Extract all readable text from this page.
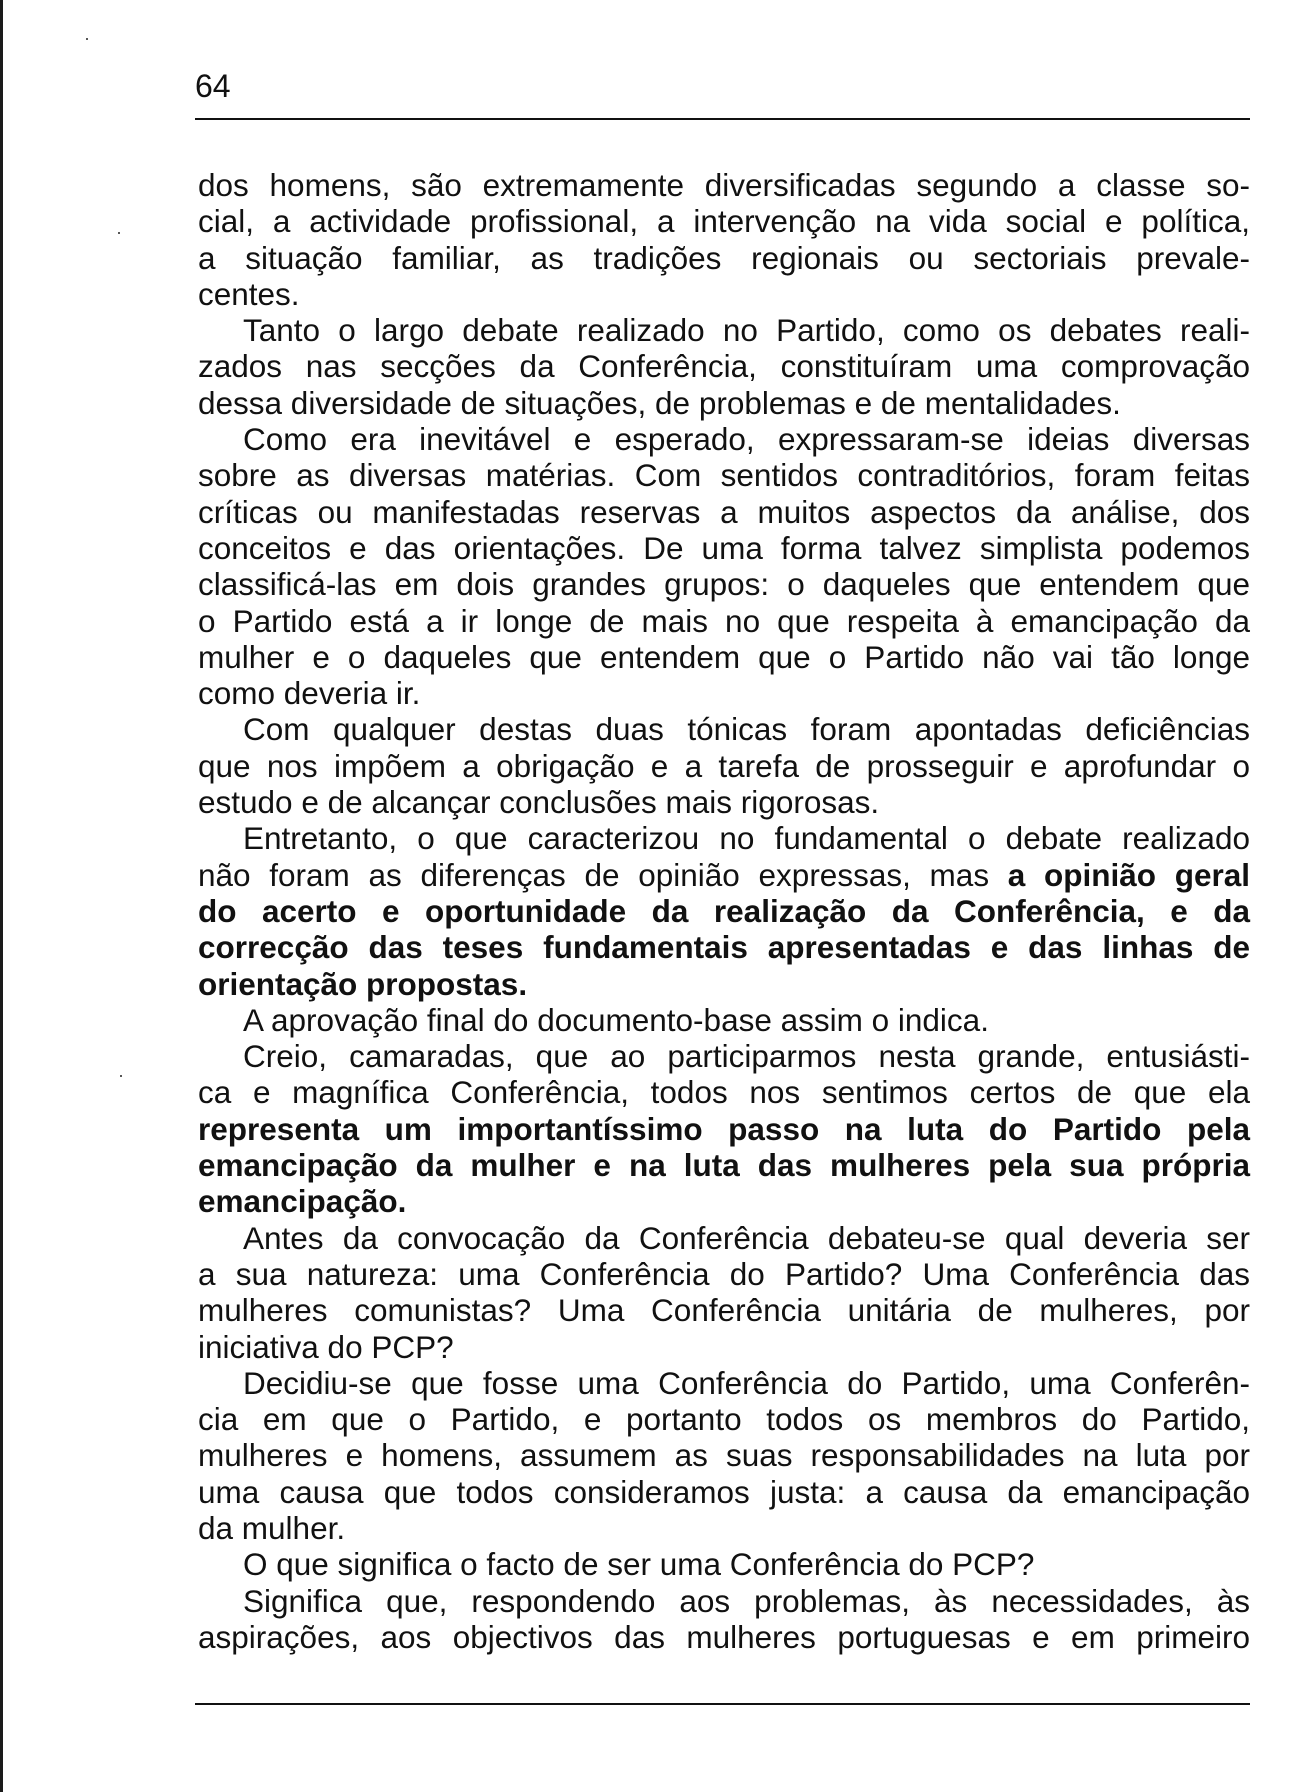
64
dos homens, são extremamente diversificadas segundo a classe so-
cial, a actividade profissional, a intervenção na vida social e política,
a situação familiar, as tradições regionais ou sectoriais prevale-
centes.
Tanto o largo debate realizado no Partido, como os debates reali-
zados nas secções da Conferência, constituíram uma comprovação
dessa diversidade de situações, de problemas e de mentalidades.
Como era inevitável e esperado, expressaram-se ideias diversas
sobre as diversas matérias. Com sentidos contraditórios, foram feitas
críticas ou manifestadas reservas a muitos aspectos da análise, dos
conceitos e das orientações. De uma forma talvez simplista podemos
classificá-las em dois grandes grupos: o daqueles que entendem que
o Partido está a ir longe de mais no que respeita à emancipação da
mulher e o daqueles que entendem que o Partido não vai tão longe
como deveria ir.
Com qualquer destas duas tónicas foram apontadas deficiências
que nos impõem a obrigação e a tarefa de prosseguir e aprofundar o
estudo e de alcançar conclusões mais rigorosas.
Entretanto, o que caracterizou no fundamental o debate realizado
não foram as diferenças de opinião expressas, mas a opinião geral
do acerto e oportunidade da realização da Conferência, e da
correcção das teses fundamentais apresentadas e das linhas de
orientação propostas.
A aprovação final do documento-base assim o indica.
Creio, camaradas, que ao participarmos nesta grande, entusiásti-
ca e magnífica Conferência, todos nos sentimos certos de que ela
representa um importantíssimo passo na luta do Partido pela
emancipação da mulher e na luta das mulheres pela sua própria
emancipação.
Antes da convocação da Conferência debateu-se qual deveria ser
a sua natureza: uma Conferência do Partido? Uma Conferência das
mulheres comunistas? Uma Conferência unitária de mulheres, por
iniciativa do PCP?
Decidiu-se que fosse uma Conferência do Partido, uma Conferên-
cia em que o Partido, e portanto todos os membros do Partido,
mulheres e homens, assumem as suas responsabilidades na luta por
uma causa que todos consideramos justa: a causa da emancipação
da mulher.
O que significa o facto de ser uma Conferência do PCP?
Significa que, respondendo aos problemas, às necessidades, às
aspirações, aos objectivos das mulheres portuguesas e em primeiro
